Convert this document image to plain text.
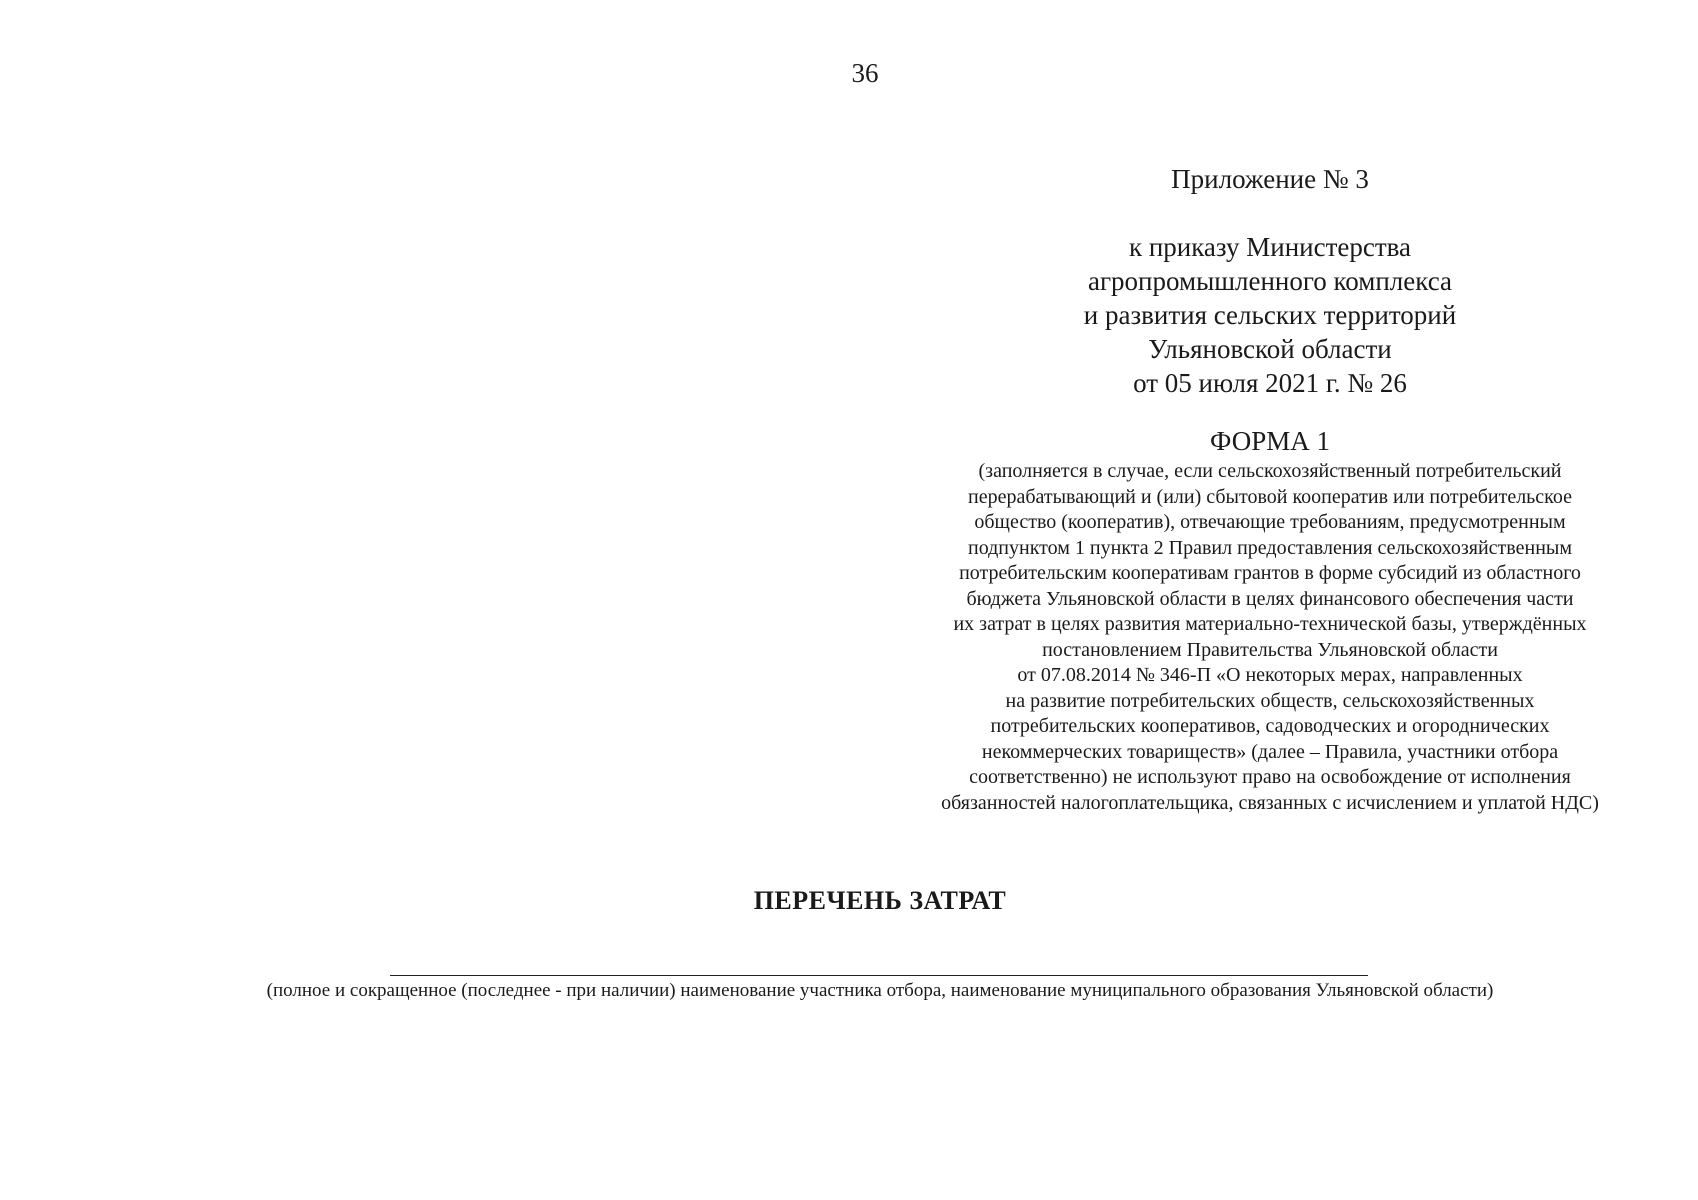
36
Приложение № 3
к приказу Министерства
агропромышленного комплекса
и развития сельских территорий
Ульяновской области
от 05 июля 2021 г. № 26
ФОРМА 1
(заполняется в случае, если сельскохозяйственный потребительский
перерабатывающий и (или) сбытовой кооператив или потребительское
общество (кооператив), отвечающие требованиям, предусмотренным
подпунктом 1 пункта 2 Правил предоставления сельскохозяйственным
потребительским кооперативам грантов в форме субсидий из областного
бюджета Ульяновской области в целях финансового обеспечения части
их затрат в целях развития материально-технической базы, утверждённых
постановлением Правительства Ульяновской области
от 07.08.2014 № 346-П «О некоторых мерах, направленных
на развитие потребительских обществ, сельскохозяйственных
потребительских кооперативов, садоводческих и огороднических
некоммерческих товариществ» (далее – Правила, участники отбора
соответственно) не используют право на освобождение от исполнения
обязанностей налогоплательщика, связанных с исчислением и уплатой НДС)
ПЕРЕЧЕНЬ ЗАТРАТ
(полное и сокращенное (последнее - при наличии) наименование участника отбора, наименование муниципального образования Ульяновской области)
